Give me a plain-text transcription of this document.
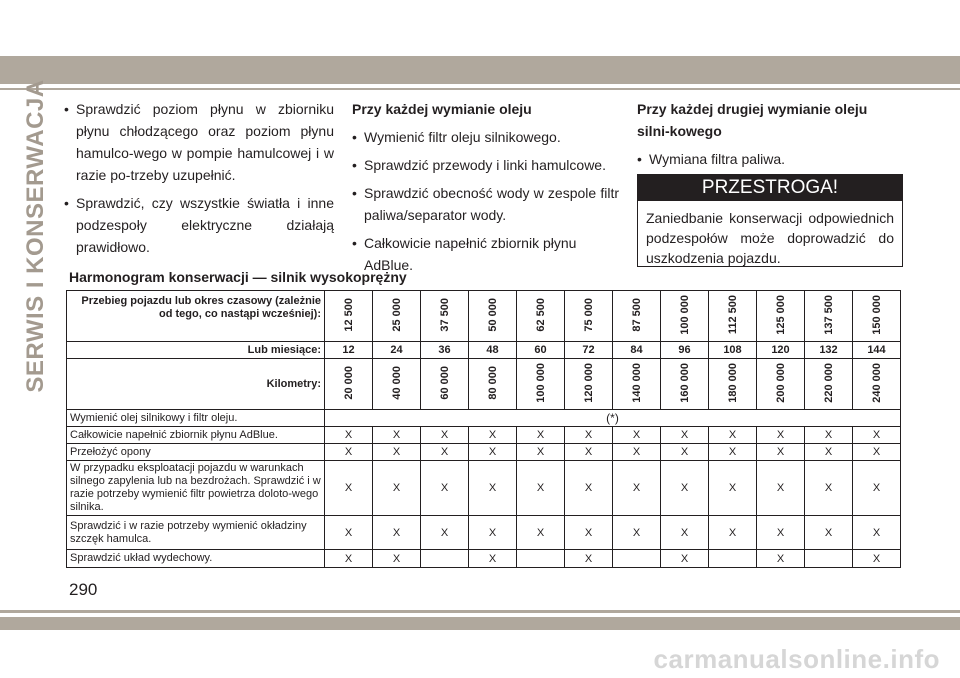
SERWIS I KONSERWACJA • Sprawdzić poziom płynu w zbiorniku płynu chłodzącego oraz poziom płynu hamulco-wego w pompie hamulcowej i w razie po-trzeby uzupełnić.

• Sprawdzić, czy wszystkie światła i inne podzespoły elektryczne działają prawidłowo.

Przy każdej wymianie oleju

• Wymienić filtr oleju silnikowego.

• Sprawdzić przewody i linki hamulcowe.

• Sprawdzić obecność wody w zespole filtr paliwa/separator wody.

• Całkowicie napełnić zbiornik płynu AdBlue.

Przy każdej drugiej wymianie oleju silni-kowego

• Wymiana filtra paliwa.

PRZESTROGA!
Zaniedbanie konserwacji odpowiednich podzespołów może doprowadzić do uszkodzenia pojazdu.
Harmonogram konserwacji — silnik wysokoprężny
Przebieg pojazdu lub okres czasowy (zależnie od tego, co nastąpi wcześniej):	12 500	25 000	37 500	50 000	62 500	75 000	87 500	100 000	112 500	125 000	137 500	150 000
Lub miesiące:	12	24	36	48	60	72	84	96	108	120	132	144
Kilometry:	20 000	40 000	60 000	80 000	100 000	120 000	140 000	160 000	180 000	200 000	220 000	240 000
Wymienić olej silnikowy i filtr oleju.	(*)											
Całkowicie napełnić zbiornik płynu AdBlue.	X	X	X	X	X	X	X	X	X	X	X	X
Przełożyć opony	X	X	X	X	X	X	X	X	X	X	X	X
W przypadku eksploatacji pojazdu w warunkach silnego zapylenia lub na bezdrożach. Sprawdzić i w razie potrzeby wymienić filtr powietrza doloto-wego silnika.	X	X	X	X	X	X	X	X	X	X	X	X
Sprawdzić i w razie potrzeby wymienić okładziny szczęk hamulca.	X	X	X	X	X	X	X	X	X	X	X	X
Sprawdzić układ wydechowy.	X	X		X		X		X		X		X
290
carmanualsonline.info
